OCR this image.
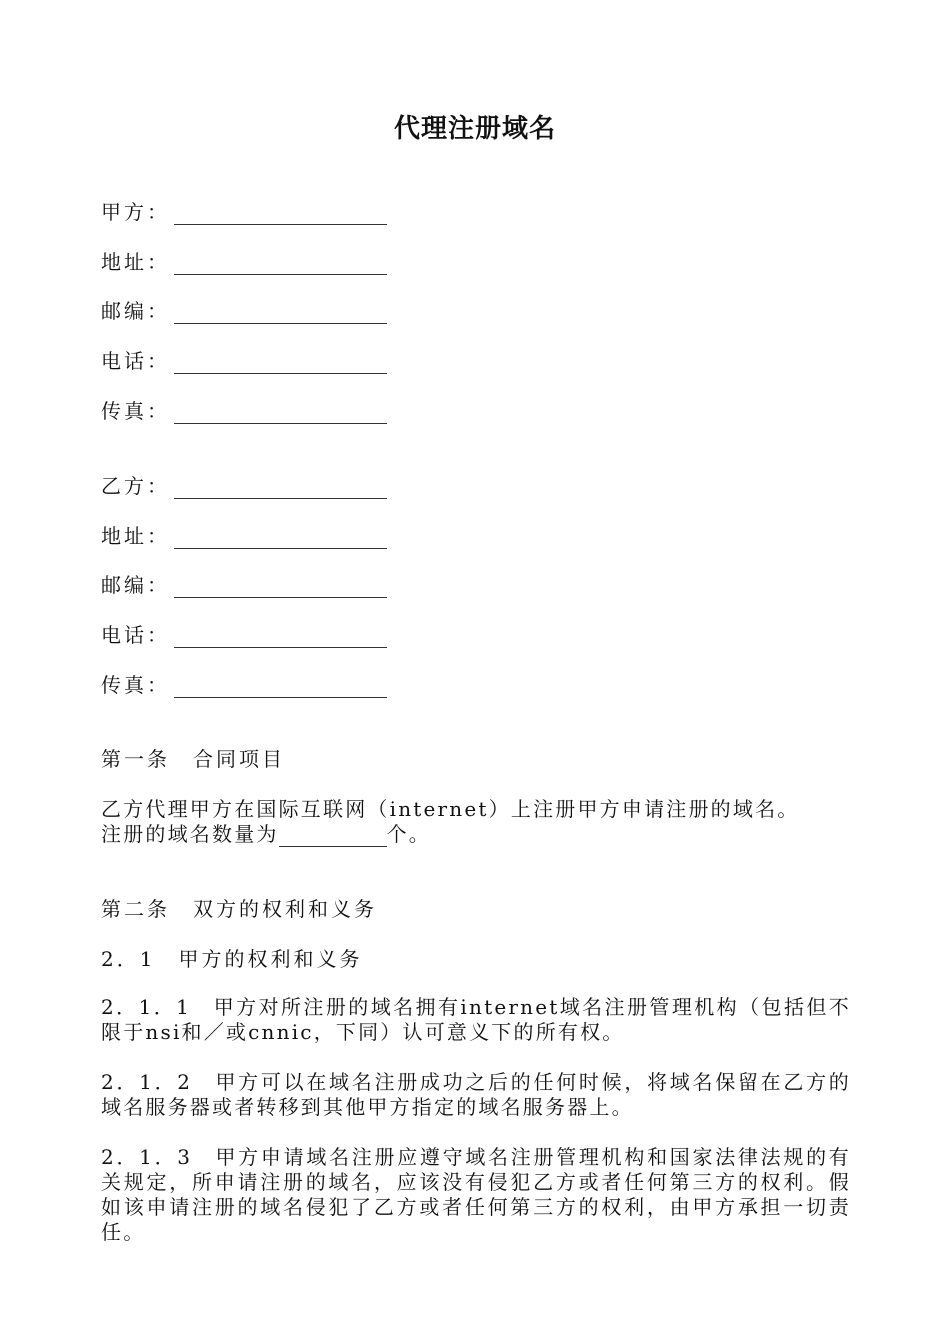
代理注册域名
甲方：
地址：
邮编：
电话：
传真：
乙方：
地址：
邮编：
电话：
传真：
第一条　合同项目
乙方代理甲方在国际互联网（internet）上注册甲方申请注册的域名。
注册的域名数量为	个。
第二条　双方的权利和义务
2．1　甲方的权利和义务
2．1．1　甲方对所注册的域名拥有internet域名注册管理机构（包括但不限于nsi和／或cnnic，下同）认可意义下的所有权。
2．1．2　甲方可以在域名注册成功之后的任何时候，将域名保留在乙方的域名服务器或者转移到其他甲方指定的域名服务器上。
2．1．3　甲方申请域名注册应遵守域名注册管理机构和国家法律法规的有关规定，所申请注册的域名，应该没有侵犯乙方或者任何第三方的权利。假如该申请注册的域名侵犯了乙方或者任何第三方的权利，由甲方承担一切责任。
